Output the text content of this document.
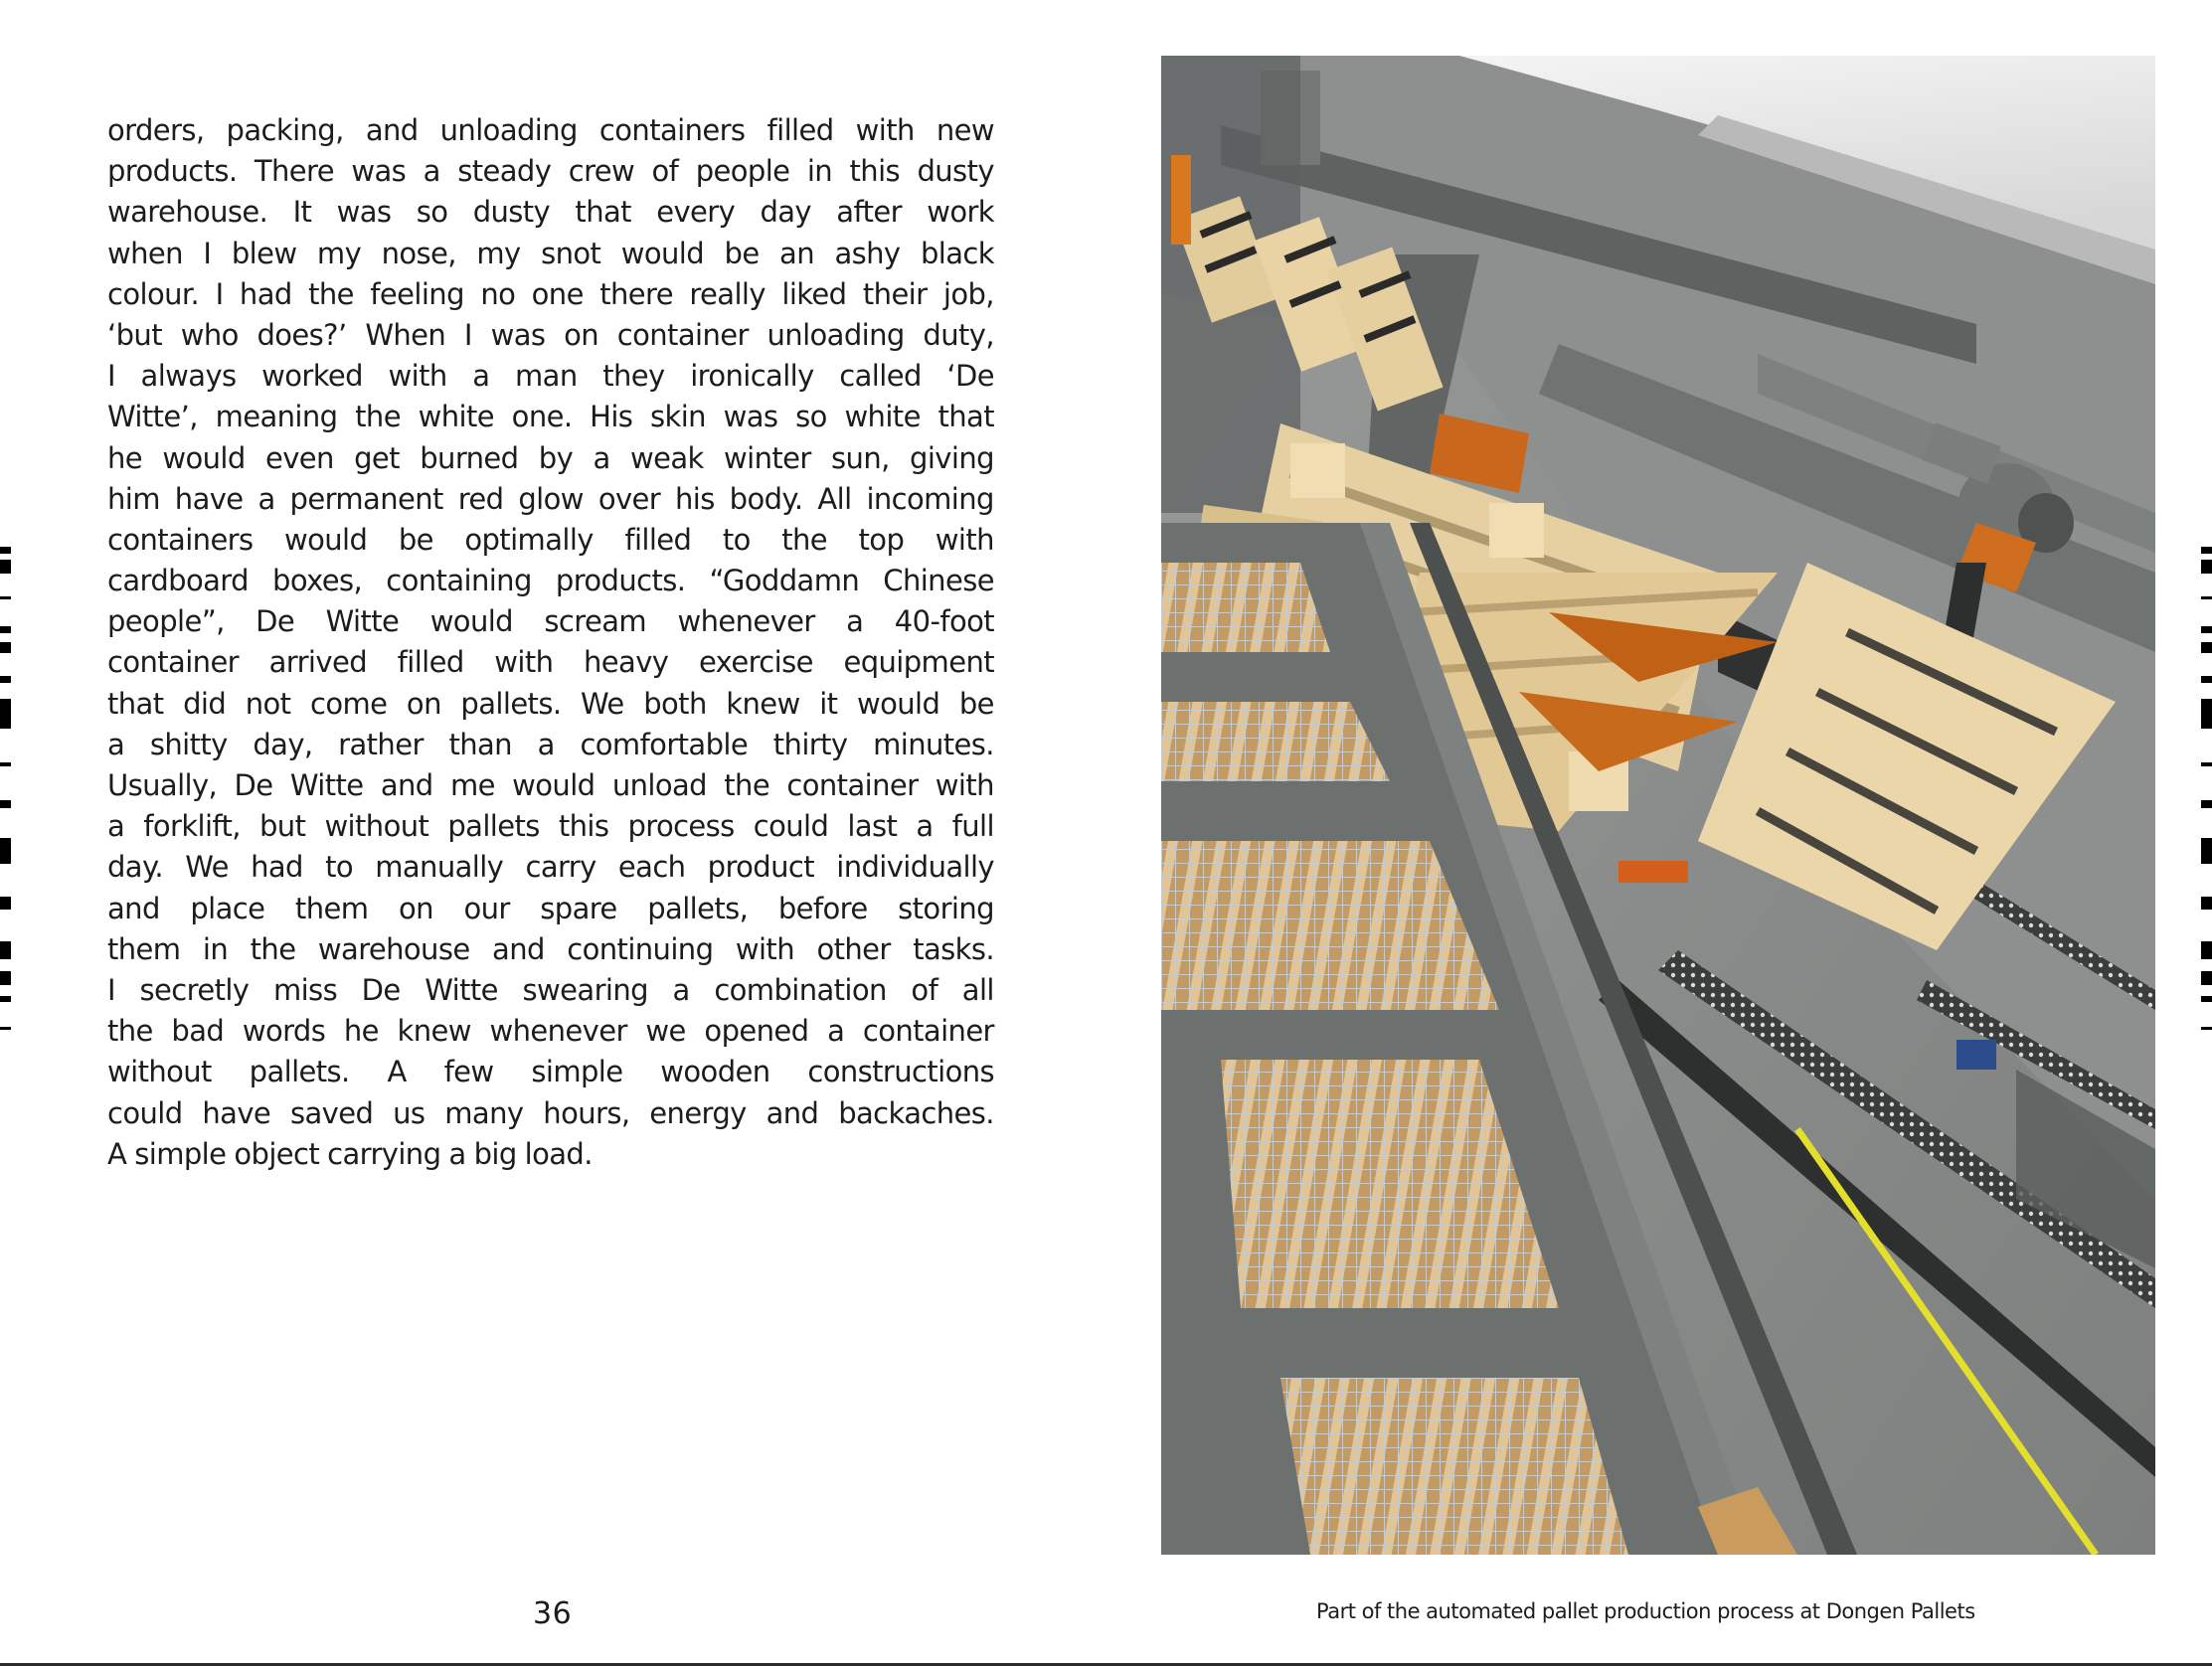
orders, packing, and unloading containers filled with new
products. There was a steady crew of people in this dusty
warehouse. It was so dusty that every day after work
when I blew my nose, my snot would be an ashy black
colour. I had the feeling no one there really liked their job,
‘but who does?’ When I was on container unloading duty,
I always worked with a man they ironically called ‘De
Witte’, meaning the white one. His skin was so white that
he would even get burned by a weak winter sun, giving
him have a permanent red glow over his body. All incoming
containers would be optimally filled to the top with
cardboard boxes, containing products. “Goddamn Chinese
people”, De Witte would scream whenever a 40-foot
container arrived filled with heavy exercise equipment
that did not come on pallets. We both knew it would be
a shitty day, rather than a comfortable thirty minutes.
Usually, De Witte and me would unload the container with
a forklift, but without pallets this process could last a full
day. We had to manually carry each product individually
and place them on our spare pallets, before storing
them in the warehouse and continuing with other tasks.
I secretly miss De Witte swearing a combination of all
the bad words he knew whenever we opened a container
without pallets. A few simple wooden constructions
could have saved us many hours, energy and backaches.
A simple object carrying a big load.
36	Part of the automated pallet production process at Dongen Pallets
